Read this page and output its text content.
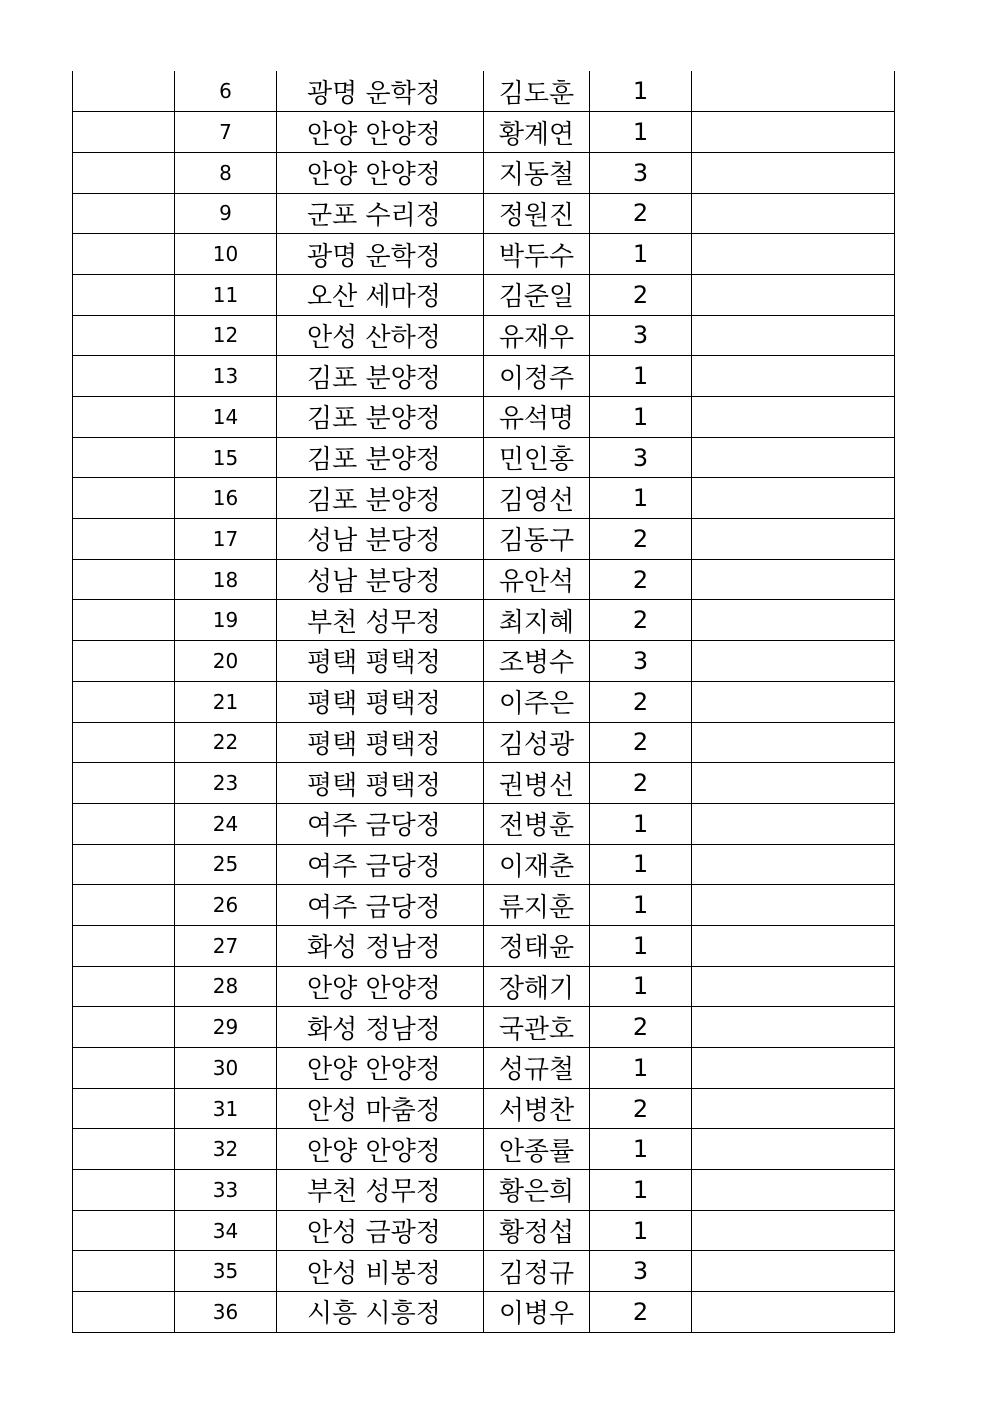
	6	광명 운학정	김도훈	1	
	7	안양 안양정	황계연	1	
	8	안양 안양정	지동철	3	
	9	군포 수리정	정원진	2	
	10	광명 운학정	박두수	1	
	11	오산 세마정	김준일	2	
	12	안성 산하정	유재우	3	
	13	김포 분양정	이정주	1	
	14	김포 분양정	유석명	1	
	15	김포 분양정	민인홍	3	
	16	김포 분양정	김영선	1	
	17	성남 분당정	김동구	2	
	18	성남 분당정	유안석	2	
	19	부천 성무정	최지혜	2	
	20	평택 평택정	조병수	3	
	21	평택 평택정	이주은	2	
	22	평택 평택정	김성광	2	
	23	평택 평택정	권병선	2	
	24	여주 금당정	전병훈	1	
	25	여주 금당정	이재춘	1	
	26	여주 금당정	류지훈	1	
	27	화성 정남정	정태윤	1	
	28	안양 안양정	장해기	1	
	29	화성 정남정	국관호	2	
	30	안양 안양정	성규철	1	
	31	안성 마춤정	서병찬	2	
	32	안양 안양정	안종률	1	
	33	부천 성무정	황은희	1	
	34	안성 금광정	황정섭	1	
	35	안성 비봉정	김정규	3	
	36	시흥 시흥정	이병우	2	
